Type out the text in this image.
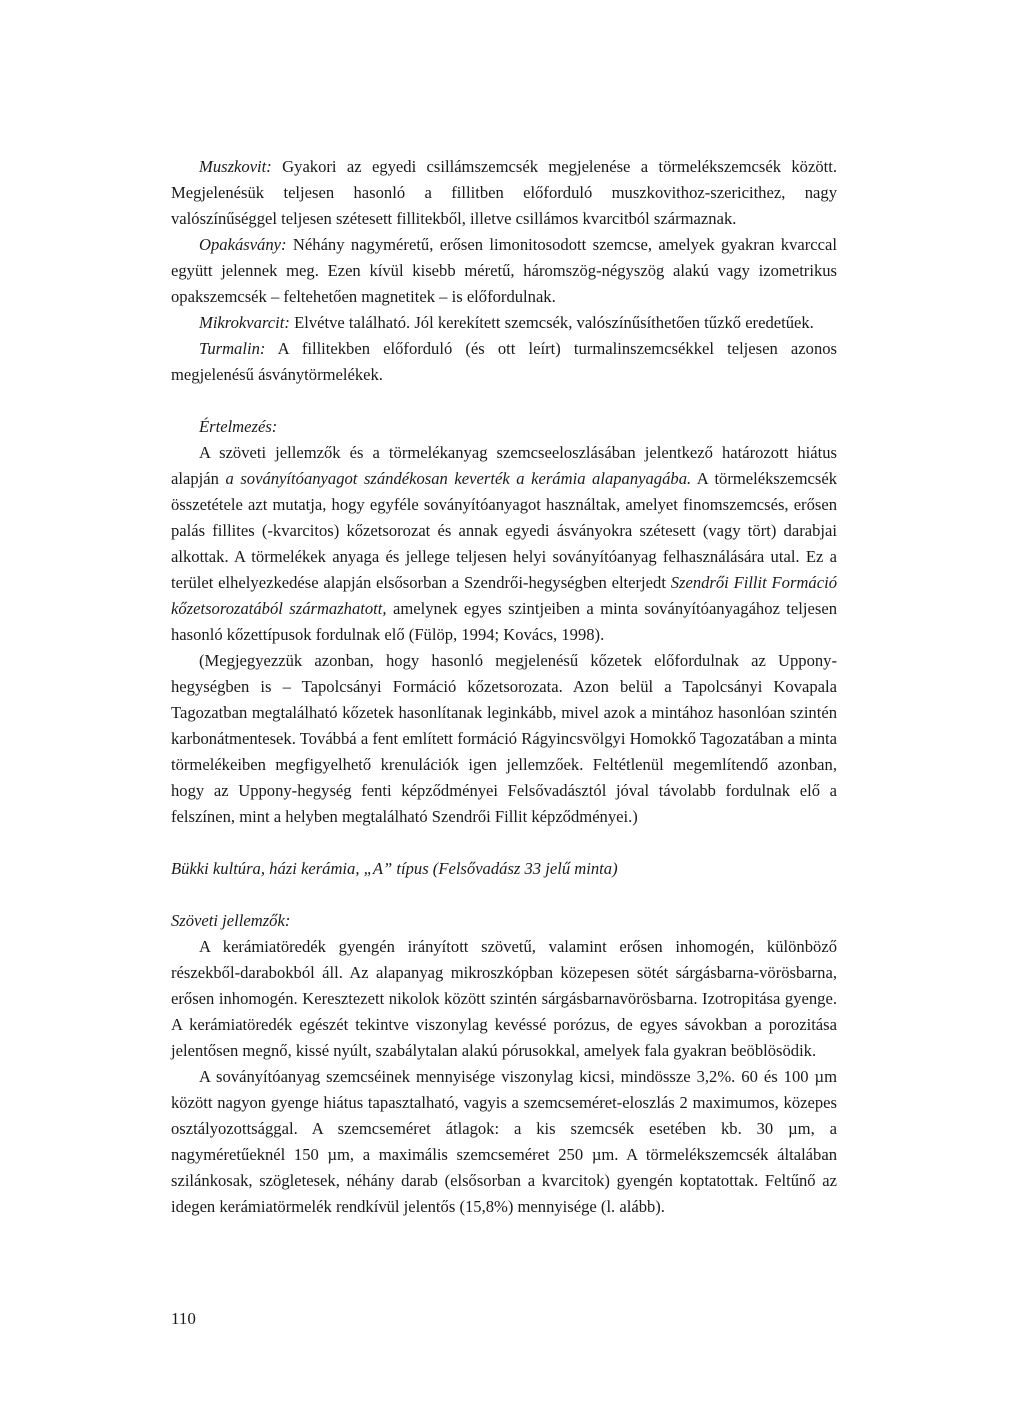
Muszkovit: Gyakori az egyedi csillámszemcsék megjelenése a törmelékszemcsék között. Megjelenésük teljesen hasonló a fillitben előforduló muszkovithoz-szericithez, nagy valószínűséggel teljesen szétesett fillitekből, illetve csillámos kvarcitból származnak.

Opakásvány: Néhány nagyméretű, erősen limonitosodott szemcse, amelyek gyakran kvarccal együtt jelennek meg. Ezen kívül kisebb méretű, háromszög-négyszög alakú vagy izometrikus opakszemcsék – feltehetően magnetitek – is előfordulnak.

Mikrokvarcit: Elvétve található. Jól kerekített szemcsék, valószínűsíthetően tűzkő eredetűek.

Turmalin: A fillitekben előforduló (és ott leírt) turmalinszemcsékkel teljesen azonos megjelenésű ásványtörmelékek.

Értelmezés:

A szöveti jellemzők és a törmelékanyag szemcseeloszlásában jelentkező határozott hiátus alapján a soványítóanyagot szándékosan keverték a kerámia alapanyagába. A törmelékszemcsék összetétele azt mutatja, hogy egyféle soványítóanyagot használtak, amelyet finomszemcsés, erősen palás fillites (-kvarcitos) kőzetsorozat és annak egyedi ásványokra szétesett (vagy tört) darabjai alkottak. A törmelékek anyaga és jellege teljesen helyi soványítóanyag felhasználására utal. Ez a terület elhelyezkedése alapján elsősorban a Szendrői-hegységben elterjedt Szendrői Fillit Formáció kőzetsorozatából származhatott, amelynek egyes szintjeiben a minta soványítóanyagához teljesen hasonló kőzettípusok fordulnak elő (Fülöp, 1994; Kovács, 1998).

(Megjegyezzük azonban, hogy hasonló megjelenésű kőzetek előfordulnak az Uppony-hegységben is – Tapolcsányi Formáció kőzetsorozata. Azon belül a Tapolcsányi Kovapala Tagozatban megtalálható kőzetek hasonlítanak leginkább, mivel azok a mintához hasonlóan szintén karbonátmentesek. Továbbá a fent említett formáció Rágyincsvölgyi Homokkő Tagozatában a minta törmelékeiben megfigyelhető krenulációk igen jellemzőek. Feltétlenül megemlítendő azonban, hogy az Uppony-hegység fenti képződményei Felsővadásztól jóval távolabb fordulnak elő a felszínen, mint a helyben megtalálható Szendrői Fillit képződményei.)

Bükki kultúra, házi kerámia, „A” típus (Felsővadász 33 jelű minta)

Szöveti jellemzők:

A kerámiatöredék gyengén irányított szövetű, valamint erősen inhomogén, különböző részekből-darabokból áll. Az alapanyag mikroszkópban közepesen sötét sárgásbarna-vörösbarna, erősen inhomogén. Keresztezett nikolok között szintén sárgásbarnavörösbarna. Izotropitása gyenge. A kerámiatöredék egészét tekintve viszonylag kevéssé porózus, de egyes sávokban a porozitása jelentősen megnő, kissé nyúlt, szabálytalan alakú pórusokkal, amelyek fala gyakran beöblösödik.

A soványítóanyag szemcséinek mennyisége viszonylag kicsi, mindössze 3,2%. 60 és 100 µm között nagyon gyenge hiátus tapasztalható, vagyis a szemcseméret-eloszlás 2 maximumos, közepes osztályozottsággal. A szemcseméret átlagok: a kis szemcsék esetében kb. 30 µm, a nagyméretűeknél 150 µm, a maximális szemcseméret 250 µm. A törmelékszemcsék általában szilánkosak, szögletesek, néhány darab (elsősorban a kvarcitok) gyengén koptatottak. Feltűnő az idegen kerámiatörmelék rendkívül jelentős (15,8%) mennyisége (l. alább).

110
